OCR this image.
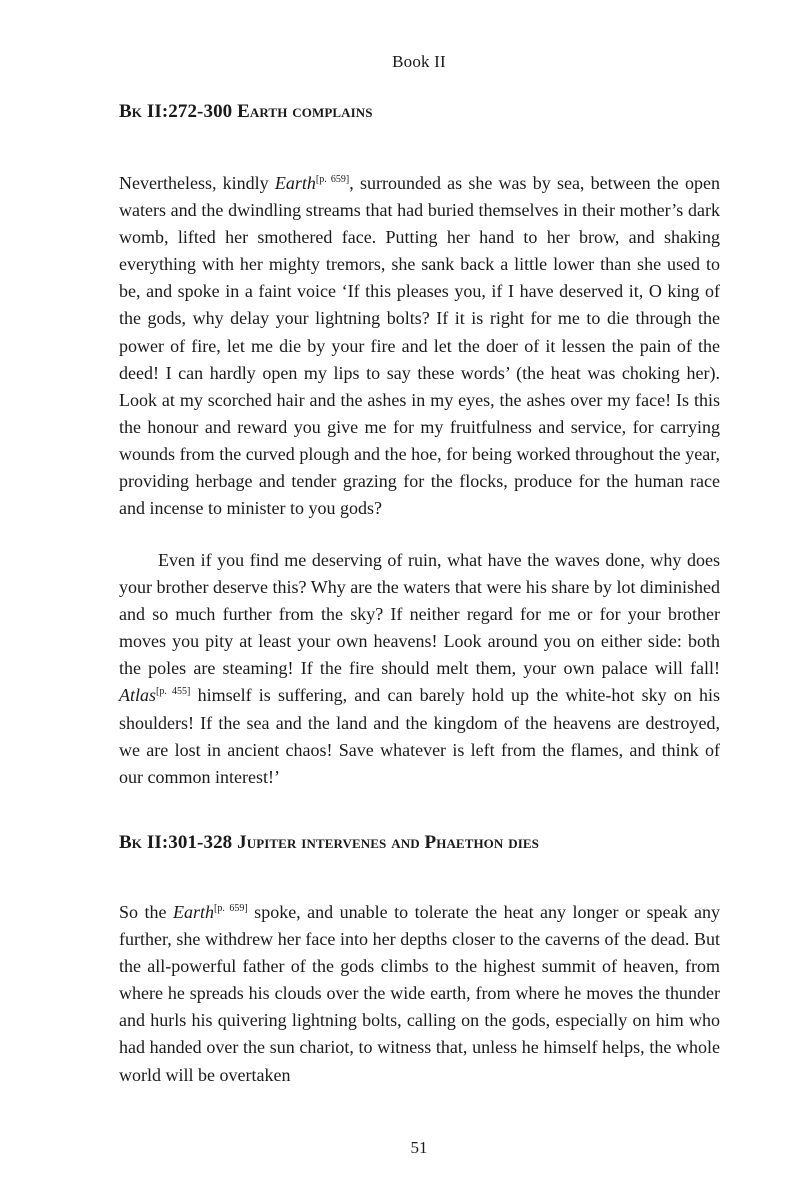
Book II
Bk II:272-300 Earth complains

Nevertheless, kindly Earth[p. 659], surrounded as she was by sea, between the open waters and the dwindling streams that had buried themselves in their mother’s dark womb, lifted her smothered face. Putting her hand to her brow, and shaking everything with her mighty tremors, she sank back a little lower than she used to be, and spoke in a faint voice ‘If this pleases you, if I have deserved it, O king of the gods, why delay your lightning bolts? If it is right for me to die through the power of fire, let me die by your fire and let the doer of it lessen the pain of the deed! I can hardly open my lips to say these words’ (the heat was choking her). Look at my scorched hair and the ashes in my eyes, the ashes over my face! Is this the honour and reward you give me for my fruitfulness and service, for carrying wounds from the curved plough and the hoe, for being worked throughout the year, providing herbage and tender grazing for the flocks, produce for the human race and incense to minister to you gods?

Even if you find me deserving of ruin, what have the waves done, why does your brother deserve this? Why are the waters that were his share by lot diminished and so much further from the sky? If neither regard for me or for your brother moves you pity at least your own heavens! Look around you on either side: both the poles are steaming! If the fire should melt them, your own palace will fall! Atlas[p. 455] himself is suffering, and can barely hold up the white-hot sky on his shoulders! If the sea and the land and the kingdom of the heavens are destroyed, we are lost in ancient chaos! Save whatever is left from the flames, and think of our common interest!’

Bk II:301-328 Jupiter intervenes and Phaethon dies

So the Earth[p. 659] spoke, and unable to tolerate the heat any longer or speak any further, she withdrew her face into her depths closer to the caverns of the dead. But the all-powerful father of the gods climbs to the highest summit of heaven, from where he spreads his clouds over the wide earth, from where he moves the thunder and hurls his quivering lightning bolts, calling on the gods, especially on him who had handed over the sun chariot, to witness that, unless he himself helps, the whole world will be overtaken

51
